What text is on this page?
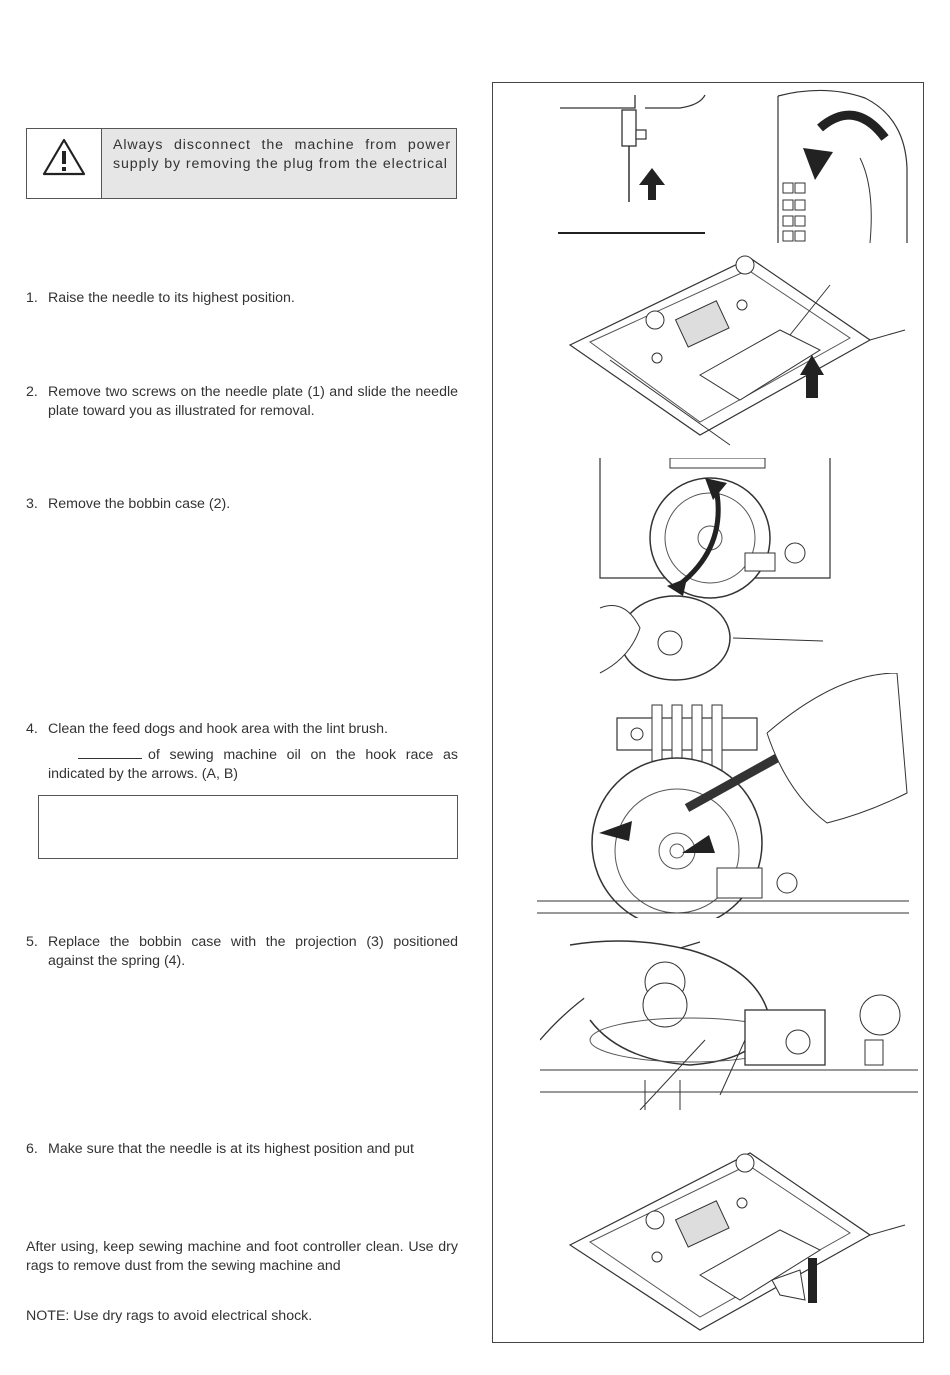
Always disconnect the machine from power supply by removing the plug from the electrical
1. Raise the needle to its highest position.
2. Remove two screws on the needle plate (1) and slide the needle plate toward you as illustrated for removal.
3. Remove the bobbin case (2).
4. Clean the feed dogs and hook area with the lint brush.
of sewing machine oil on the hook race as indicated by the arrows. (A, B)
5. Replace the bobbin case with the projection (3) positioned against the spring (4).
6. Make sure that the needle is at its highest position and put
After using, keep sewing machine and foot controller clean. Use dry rags to remove dust from the sewing machine and
NOTE: Use dry rags to avoid electrical shock.
